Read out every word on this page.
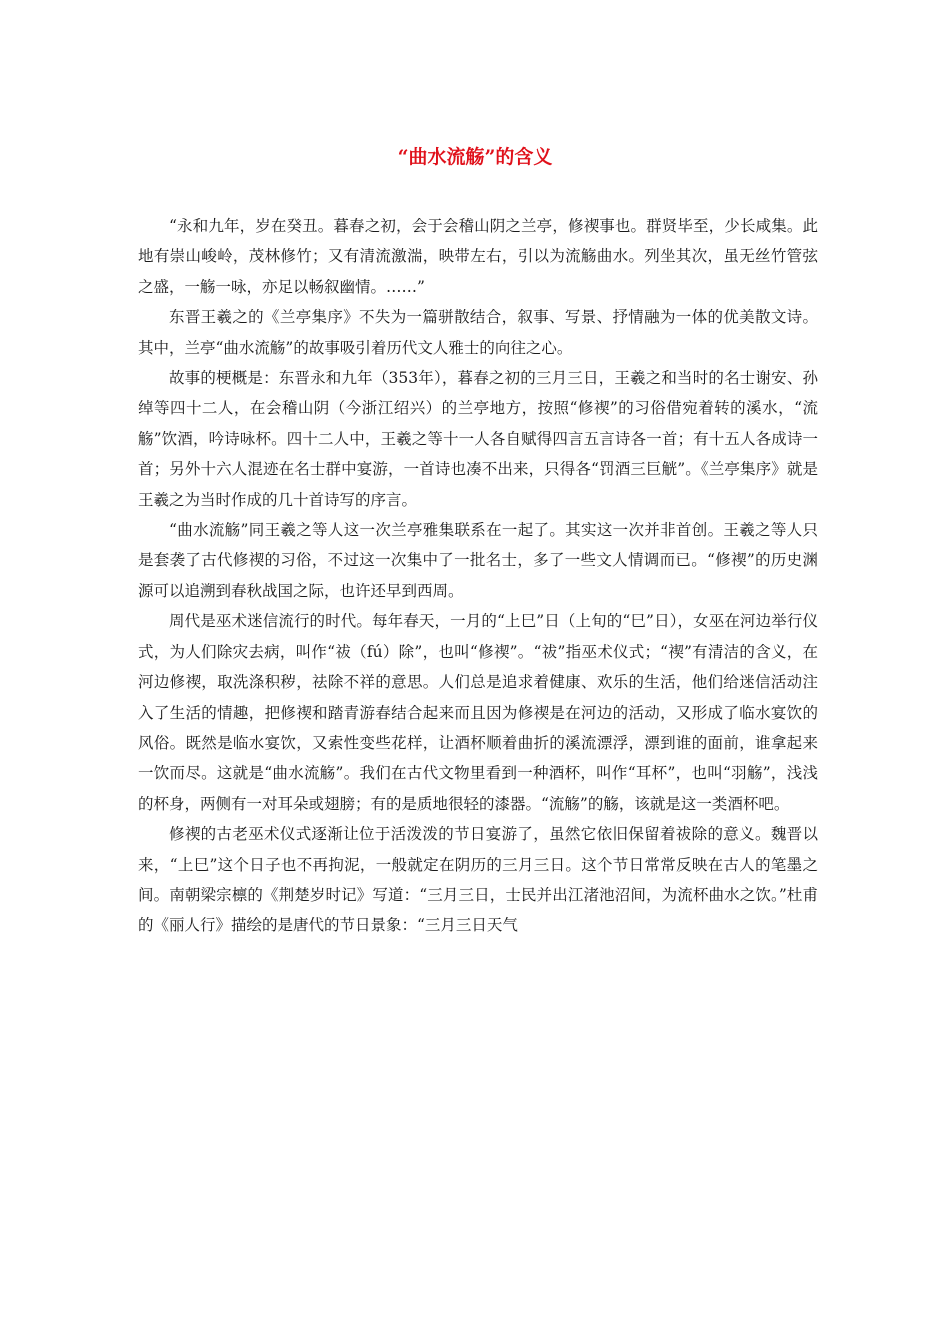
“曲水流觞”的含义

“永和九年，岁在癸丑。暮春之初，会于会稽山阴之兰亭，修禊事也。群贤毕至，少长咸集。此地有崇山峻岭，茂林修竹；又有清流激湍，映带左右，引以为流觞曲水。列坐其次，虽无丝竹管弦之盛，一觞一咏，亦足以畅叙幽情。……”

东晋王羲之的《兰亭集序》不失为一篇骈散结合，叙事、写景、抒情融为一体的优美散文诗。其中，兰亭“曲水流觞”的故事吸引着历代文人雅士的向往之心。

故事的梗概是：东晋永和九年（353年），暮春之初的三月三日，王羲之和当时的名士谢安、孙绰等四十二人，在会稽山阴（今浙江绍兴）的兰亭地方，按照“修禊”的习俗借宛着转的溪水，“流觞”饮酒，吟诗咏杯。四十二人中，王羲之等十一人各自赋得四言五言诗各一首；有十五人各成诗一首；另外十六人混迹在名士群中宴游，一首诗也凑不出来，只得各“罚酒三巨觥”。《兰亭集序》就是王羲之为当时作成的几十首诗写的序言。

“曲水流觞”同王羲之等人这一次兰亭雅集联系在一起了。其实这一次并非首创。王羲之等人只是套袭了古代修禊的习俗，不过这一次集中了一批名士，多了一些文人情调而已。“修禊”的历史渊源可以追溯到春秋战国之际，也许还早到西周。

周代是巫术迷信流行的时代。每年春天，一月的“上巳”日（上旬的“巳”日），女巫在河边举行仪式，为人们除灾去病，叫作“祓（fú）除”，也叫“修禊”。“祓”指巫术仪式；“禊”有清洁的含义，在河边修禊，取洗涤积秽，祛除不祥的意思。人们总是追求着健康、欢乐的生活，他们给迷信活动注入了生活的情趣，把修禊和踏青游春结合起来而且因为修禊是在河边的活动，又形成了临水宴饮的风俗。既然是临水宴饮，又索性变些花样，让酒杯顺着曲折的溪流漂浮，漂到谁的面前，谁拿起来一饮而尽。这就是“曲水流觞”。我们在古代文物里看到一种酒杯，叫作“耳杯”，也叫“羽觞”，浅浅的杯身，两侧有一对耳朵或翅膀；有的是质地很轻的漆器。“流觞”的觞，该就是这一类酒杯吧。

修禊的古老巫术仪式逐渐让位于活泼泼的节日宴游了，虽然它依旧保留着祓除的意义。魏晋以来，“上巳”这个日子也不再拘泥，一般就定在阴历的三月三日。这个节日常常反映在古人的笔墨之间。南朝梁宗檩的《荆楚岁时记》写道：“三月三日，士民并出江渚池沼间，为流杯曲水之饮。”杜甫的《丽人行》描绘的是唐代的节日景象：“三月三日天气
